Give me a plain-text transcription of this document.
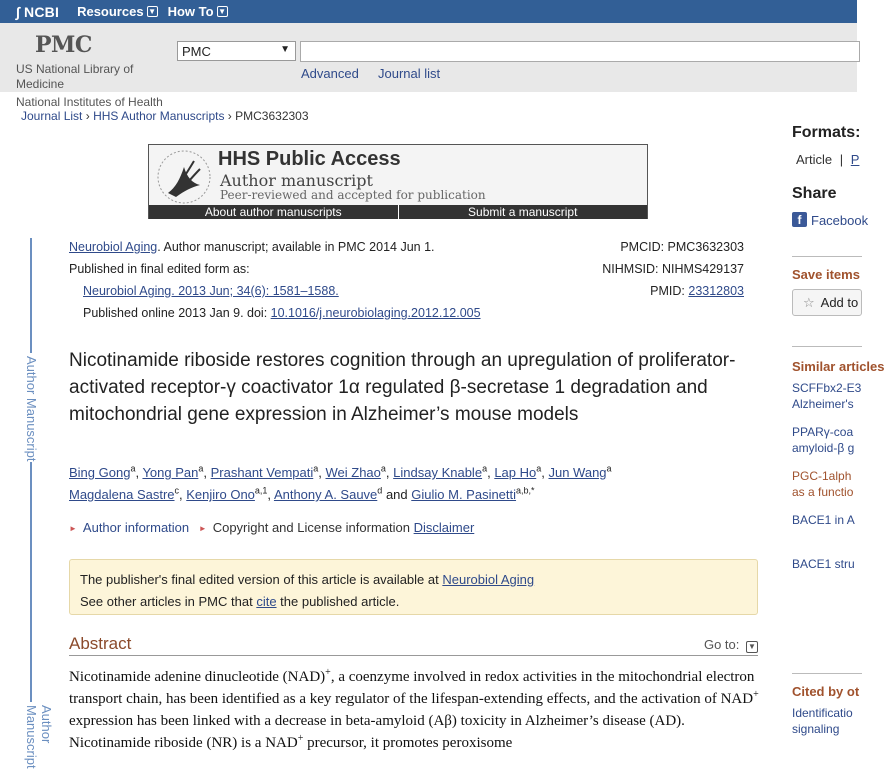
∫ NCBI Resources ▼ How To ▼
PMC
US National Library of Medicine
PMC	▼
Advanced Journal list
National Institutes of Health
Journal List › HHS Author Manuscripts › PMC3632303
HHS Public Access
Author manuscript
Peer-reviewed and accepted for publication
About author manuscripts	Submit a manuscript
Author Manuscript
Author Manuscript
Neurobiol Aging. Author manuscript; available in PMC 2014 Jun 1.
Published in final edited form as:
Neurobiol Aging. 2013 Jun; 34(6): 1581–1588.
Published online 2013 Jan 9. doi: 10.1016/j.neurobiolaging.2012.12.005
PMCID: PMC3632303
NIHMSID: NIHMS429137
PMID: 23312803
Nicotinamide riboside restores cognition through an upregulation of proliferator-activated receptor-γ coactivator 1α regulated β-secretase 1 degradation and mitochondrial gene expression in Alzheimer’s mouse models
Bing Gong$^a$, Yong Pan$^a$, Prashant Vempati$^a$, Wei Zhao$^a$, Lindsay Knable$^a$, Lap Ho$^a$, Jun Wang$^a$
Magdalena Sastre$^c$, Kenjiro Ono$^{a,1}$, Anthony A. Sauve$^d$ and Giulio M. Pasinetti$^{a,b,*}$
► Author information ► Copyright and License information Disclaimer
The publisher's final edited version of this article is available at Neurobiol Aging
See other articles in PMC that cite the published article.
Abstract	Go to: ▼

Nicotinamide adenine dinucleotide (NAD)+, a coenzyme involved in redox activities in the mitochondrial electron transport chain, has been identified as a key regulator of the lifespan-extending effects, and the activation of NAD+ expression has been linked with a decrease in beta-amyloid (Aβ) toxicity in Alzheimer’s disease (AD). Nicotinamide riboside (NR) is a NAD+ precursor, it promotes peroxisome

Formats:
Article | P
Share
f Facebook
Save items
☆ Add to
Similar articles
SCFFbx2-E3
Alzheimer's
PPARγ-coa
amyloid-β g
PGC-1alph
as a functio
BACE1 in A
BACE1 stru
Cited by ot
Identificatio
signaling
